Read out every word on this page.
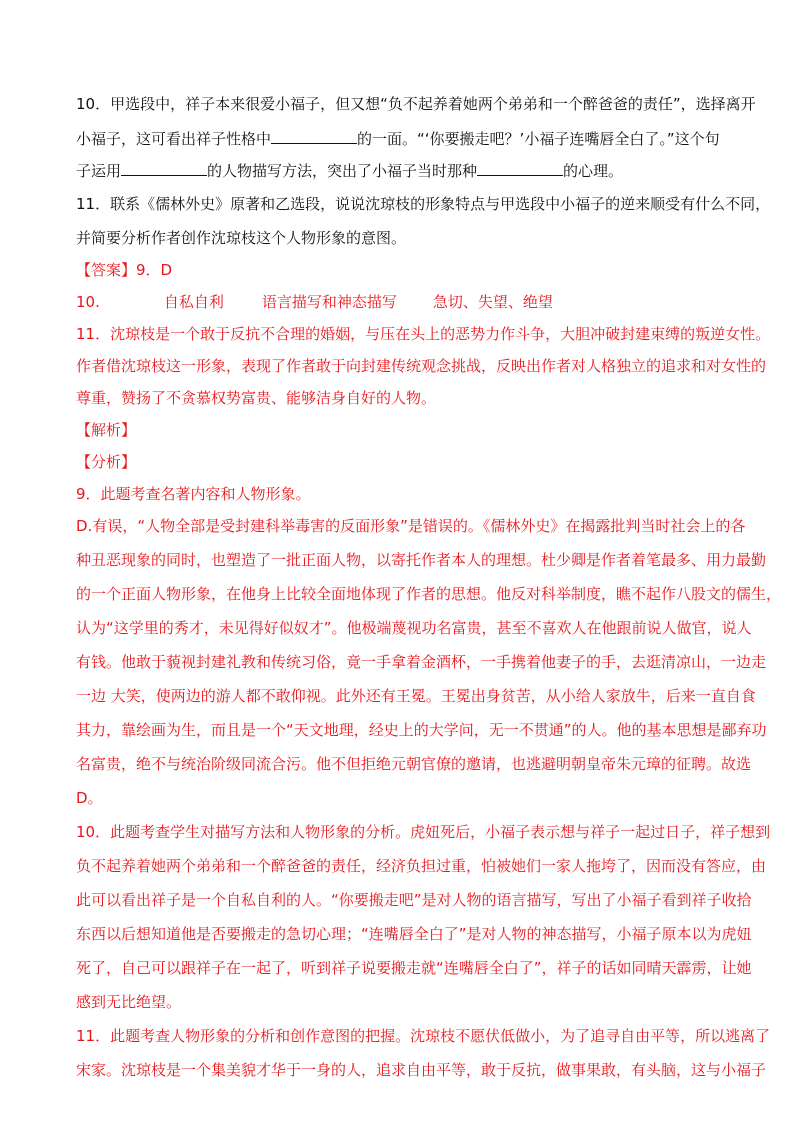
10．甲选段中，祥子本来很爱小福子，但又想“负不起养着她两个弟弟和一个醉爸爸的责任”，选择离开
小福子，这可看出祥子性格中	的一面。“‘你要搬走吧？’小福子连嘴唇全白了。”这个句
子运用	的人物描写方法，突出了小福子当时那种	的心理。
11．联系《儒林外史》原著和乙选段，说说沈琼枝的形象特点与甲选段中小福子的逆来顺受有什么不同，
并简要分析作者创作沈琼枝这个人物形象的意图。
【答案】9．D
10.	自私自利	语言描写和神态描写 急切、失望、绝望
11．沈琼枝是一个敢于反抗不合理的婚姻，与压在头上的恶势力作斗争，大胆冲破封建束缚的叛逆女性。
作者借沈琼枝这一形象，表现了作者敢于向封建传统观念挑战，反映出作者对人格独立的追求和对女性的
尊重，赞扬了不贪慕权势富贵、能够洁身自好的人物。
【解析】
【分析】
9．此题考查名著内容和人物形象。
D.有误，“人物全部是受封建科举毒害的反面形象”是错误的。《儒林外史》在揭露批判当时社会上的各
种丑恶现象的同时，也塑造了一批正面人物，以寄托作者本人的理想。杜少卿是作者着笔最多、用力最勤
的一个正面人物形象，在他身上比较全面地体现了作者的思想。他反对科举制度，瞧不起作八股文的儒生，
认为“这学里的秀才，未见得好似奴才”。他极端蔑视功名富贵，甚至不喜欢人在他跟前说人做官，说人
有钱。他敢于藐视封建礼教和传统习俗，竟一手拿着金酒杯，一手携着他妻子的手，去逛清凉山，一边走
一边 大笑，使两边的游人都不敢仰视。此外还有王冕。王冕出身贫苦，从小给人家放牛，后来一直自食
其力，靠绘画为生，而且是一个“天文地理，经史上的大学问，无一不贯通”的人。他的基本思想是鄙弃功
名富贵，绝不与统治阶级同流合污。他不但拒绝元朝官僚的邀请，也逃避明朝皇帝朱元璋的征聘。故选
D。
10．此题考查学生对描写方法和人物形象的分析。虎妞死后，小福子表示想与祥子一起过日子，祥子想到
负不起养着她两个弟弟和一个醉爸爸的责任，经济负担过重，怕被她们一家人拖垮了，因而没有答应，由
此可以看出祥子是一个自私自利的人。“你要搬走吧”是对人物的语言描写，写出了小福子看到祥子收拾
东西以后想知道他是否要搬走的急切心理；“连嘴唇全白了”是对人物的神态描写，小福子原本以为虎妞
死了，自己可以跟祥子在一起了，听到祥子说要搬走就“连嘴唇全白了”，祥子的话如同晴天霹雳，让她
感到无比绝望。
11．此题考查人物形象的分析和创作意图的把握。沈琼枝不愿伏低做小，为了追寻自由平等，所以逃离了
宋家。沈琼枝是一个集美貌才华于一身的人，追求自由平等，敢于反抗，做事果敢，有头脑，这与小福子
